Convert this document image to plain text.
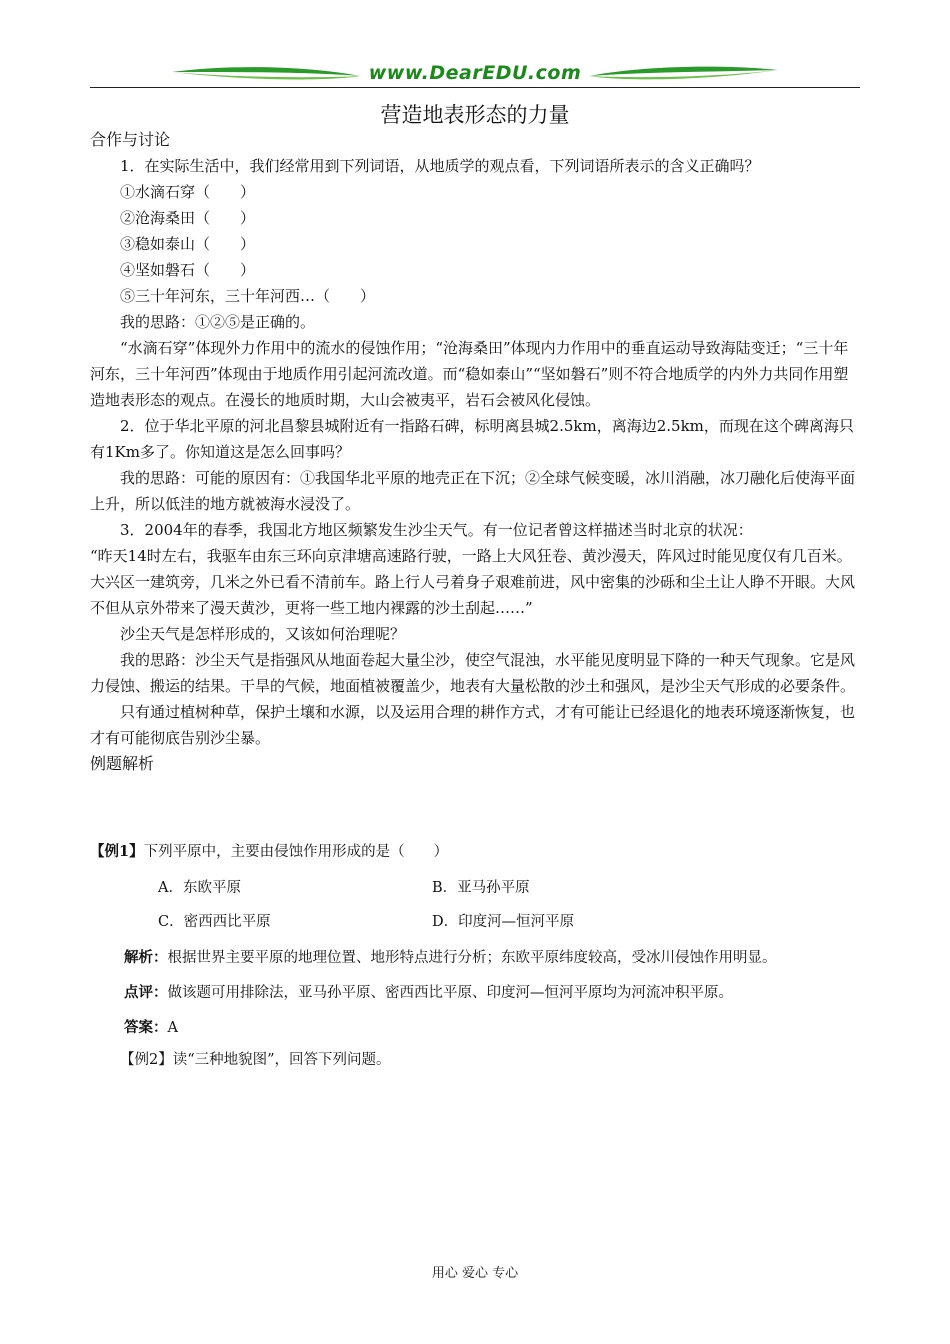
www.DearEDU.com
营造地表形态的力量

合作与讨论

1．在实际生活中，我们经常用到下列词语，从地质学的观点看，下列词语所表示的含义正确吗？

①水滴石穿（　　）

②沧海桑田（　　）

③稳如泰山（　　）

④坚如磐石（　　）

⑤三十年河东，三十年河西…（　　）

我的思路：①②⑤是正确的。

“水滴石穿”体现外力作用中的流水的侵蚀作用；“沧海桑田”体现内力作用中的垂直运动导致海陆变迁；“三十年河东，三十年河西”体现由于地质作用引起河流改道。而“稳如泰山”“坚如磐石”则不符合地质学的内外力共同作用塑造地表形态的观点。在漫长的地质时期，大山会被夷平，岩石会被风化侵蚀。

2．位于华北平原的河北昌黎县城附近有一指路石碑，标明离县城2.5km，离海边2.5km，而现在这个碑离海只有1Km多了。你知道这是怎么回事吗？

我的思路：可能的原因有：①我国华北平原的地壳正在下沉；②全球气候变暖，冰川消融，冰刀融化后使海平面上升，所以低洼的地方就被海水浸没了。

3．2004年的春季，我国北方地区频繁发生沙尘天气。有一位记者曾这样描述当时北京的状况：

“昨天14时左右，我驱车由东三环向京津塘高速路行驶，一路上大风狂卷、黄沙漫天，阵风过时能见度仅有几百米。大兴区一建筑旁，几米之外已看不清前车。路上行人弓着身子艰难前进，风中密集的沙砾和尘土让人睁不开眼。大风不但从京外带来了漫天黄沙，更将一些工地内裸露的沙土刮起……”

沙尘天气是怎样形成的，又该如何治理呢？

我的思路：沙尘天气是指强风从地面卷起大量尘沙，使空气混浊，水平能见度明显下降的一种天气现象。它是风力侵蚀、搬运的结果。干旱的气候，地面植被覆盖少，地表有大量松散的沙土和强风，是沙尘天气形成的必要条件。

只有通过植树种草，保护土壤和水源，以及运用合理的耕作方式，才有可能让已经退化的地表环境逐渐恢复，也才有可能彻底告别沙尘暴。

例题解析

【例1】下列平原中，主要由侵蚀作用形成的是（　　）
A．东欧平原	B．亚马孙平原
C．密西西比平原	D．印度河—恒河平原
解析：根据世界主要平原的地理位置、地形特点进行分析；东欧平原纬度较高，受冰川侵蚀作用明显。
点评：做该题可用排除法，亚马孙平原、密西西比平原、印度河—恒河平原均为河流冲积平原。
答案：A
【例2】读“三种地貌图”，回答下列问题。
用心 爱心 专心
